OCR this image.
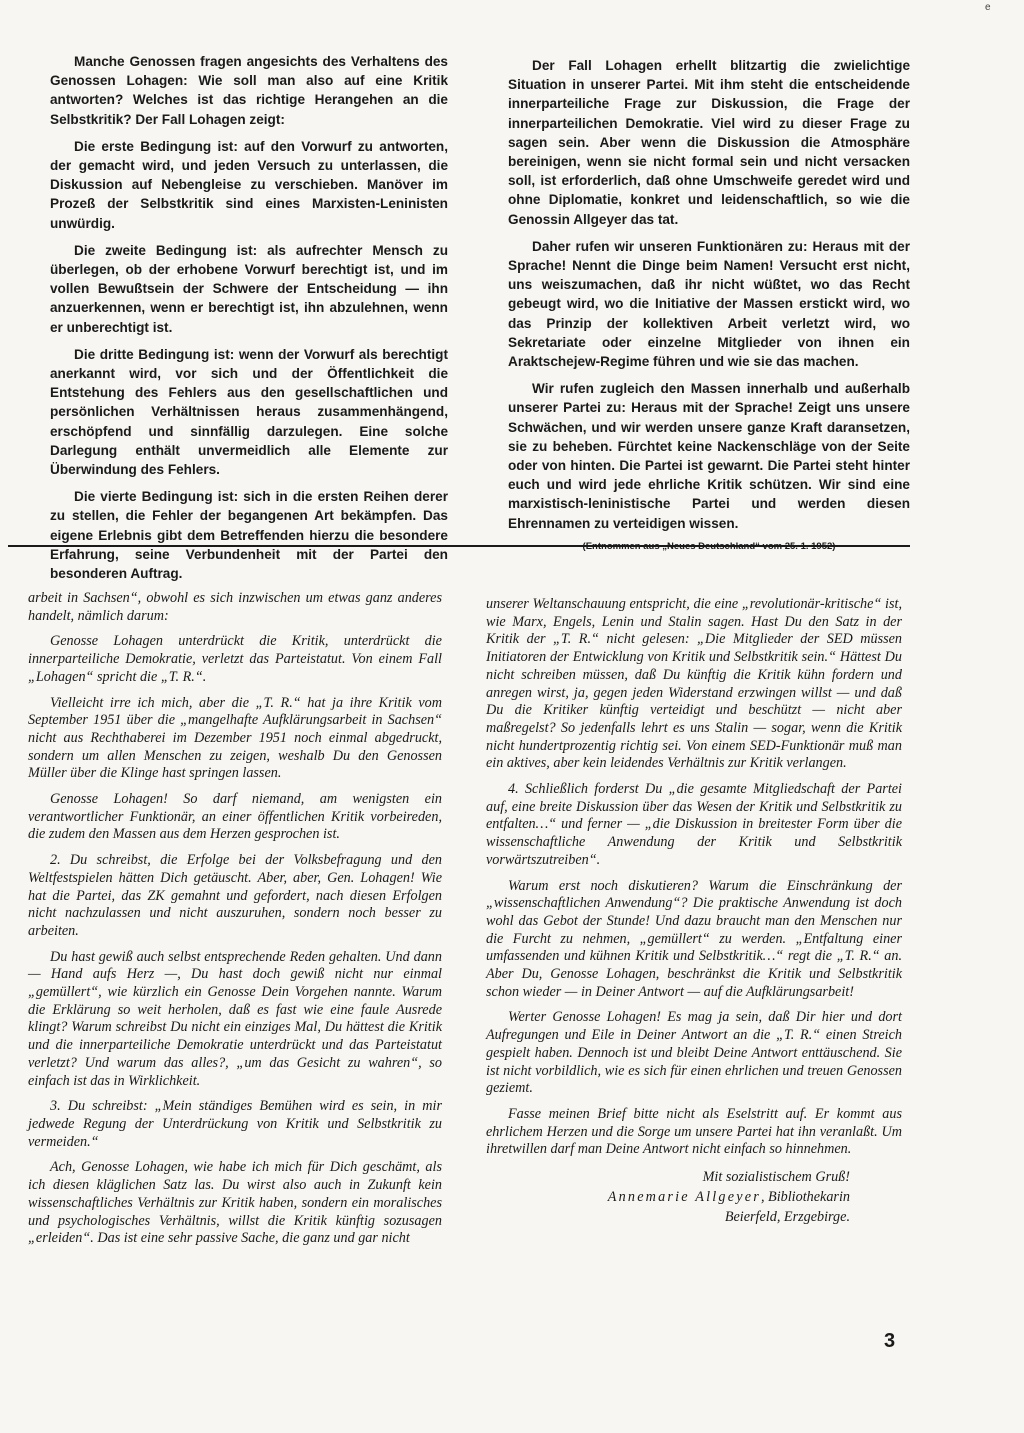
e

Manche Genossen fragen angesichts des Verhaltens des Genossen Lohagen: Wie soll man also auf eine Kritik antworten? Welches ist das richtige Herangehen an die Selbstkritik? Der Fall Lohagen zeigt:

Die erste Bedingung ist: auf den Vorwurf zu antworten, der gemacht wird, und jeden Versuch zu unterlassen, die Diskussion auf Nebengleise zu verschieben. Manöver im Prozeß der Selbstkritik sind eines Marxisten-Leninisten unwürdig.

Die zweite Bedingung ist: als aufrechter Mensch zu überlegen, ob der erhobene Vorwurf berechtigt ist, und im vollen Bewußtsein der Schwere der Entscheidung — ihn anzuerkennen, wenn er berechtigt ist, ihn abzulehnen, wenn er unberechtigt ist.

Die dritte Bedingung ist: wenn der Vorwurf als berechtigt anerkannt wird, vor sich und der Öffentlichkeit die Entstehung des Fehlers aus den gesellschaftlichen und persönlichen Verhältnissen heraus zusammenhängend, erschöpfend und sinnfällig darzulegen. Eine solche Darlegung enthält unvermeidlich alle Elemente zur Überwindung des Fehlers.

Die vierte Bedingung ist: sich in die ersten Reihen derer zu stellen, die Fehler der begangenen Art bekämpfen. Das eigene Erlebnis gibt dem Betreffenden hierzu die besondere Erfahrung, seine Verbundenheit mit der Partei den besonderen Auftrag.

Der Fall Lohagen erhellt blitzartig die zwielichtige Situation in unserer Partei. Mit ihm steht die entscheidende innerparteiliche Frage zur Diskussion, die Frage der innerparteilichen Demokratie. Viel wird zu dieser Frage zu sagen sein. Aber wenn die Diskussion die Atmosphäre bereinigen, wenn sie nicht formal sein und nicht versacken soll, ist erforderlich, daß ohne Umschweife geredet wird und ohne Diplomatie, konkret und leidenschaftlich, so wie die Genossin Allgeyer das tat.

Daher rufen wir unseren Funktionären zu: Heraus mit der Sprache! Nennt die Dinge beim Namen! Versucht erst nicht, uns weiszumachen, daß ihr nicht wüßtet, wo das Recht gebeugt wird, wo die Initiative der Massen erstickt wird, wo das Prinzip der kollektiven Arbeit verletzt wird, wo Sekretariate oder einzelne Mitglieder von ihnen ein Araktschejew-Regime führen und wie sie das machen.

Wir rufen zugleich den Massen innerhalb und außerhalb unserer Partei zu: Heraus mit der Sprache! Zeigt uns unsere Schwächen, und wir werden unsere ganze Kraft daransetzen, sie zu beheben. Fürchtet keine Nackenschläge von der Seite oder von hinten. Die Partei ist gewarnt. Die Partei steht hinter euch und wird jede ehrliche Kritik schützen. Wir sind eine marxistisch-leninistische Partei und werden diesen Ehrennamen zu verteidigen wissen.

arbeit in Sachsen“, obwohl es sich inzwischen um etwas ganz anderes handelt, nämlich darum:

Genosse Lohagen unterdrückt die Kritik, unterdrückt die innerparteiliche Demokratie, verletzt das Parteistatut. Von einem Fall „Lohagen“ spricht die „T. R.“.

Vielleicht irre ich mich, aber die „T. R.“ hat ja ihre Kritik vom September 1951 über die „mangelhafte Aufklärungsarbeit in Sachsen“ nicht aus Rechthaberei im Dezember 1951 noch einmal abgedruckt, sondern um allen Menschen zu zeigen, weshalb Du den Genossen Müller über die Klinge hast springen lassen.

Genosse Lohagen! So darf niemand, am wenigsten ein verantwortlicher Funktionär, an einer öffentlichen Kritik vorbeireden, die zudem den Massen aus dem Herzen gesprochen ist.

2. Du schreibst, die Erfolge bei der Volksbefragung und den Weltfestspielen hätten Dich getäuscht. Aber, aber, Gen. Lohagen! Wie hat die Partei, das ZK gemahnt und gefordert, nach diesen Erfolgen nicht nachzulassen und nicht auszuruhen, sondern noch besser zu arbeiten.

Du hast gewiß auch selbst entsprechende Reden gehalten. Und dann — Hand aufs Herz —, Du hast doch gewiß nicht nur einmal „gemüllert“, wie kürzlich ein Genosse Dein Vorgehen nannte. Warum die Erklärung so weit herholen, daß es fast wie eine faule Ausrede klingt? Warum schreibst Du nicht ein einziges Mal, Du hättest die Kritik und die innerparteiliche Demokratie unterdrückt und das Parteistatut verletzt? Und warum das alles?, „um das Gesicht zu wahren“, so einfach ist das in Wirklichkeit.

3. Du schreibst: „Mein ständiges Bemühen wird es sein, in mir jedwede Regung der Unterdrückung von Kritik und Selbstkritik zu vermeiden.“

Ach, Genosse Lohagen, wie habe ich mich für Dich geschämt, als ich diesen kläglichen Satz las. Du wirst also auch in Zukunft kein wissenschaftliches Verhältnis zur Kritik haben, sondern ein moralisches und psychologisches Verhältnis, willst die Kritik künftig sozusagen „erleiden“. Das ist eine sehr passive Sache, die ganz und gar nicht

unserer Weltanschauung entspricht, die eine „revolutionär-kritische“ ist, wie Marx, Engels, Lenin und Stalin sagen. Hast Du den Satz in der Kritik der „T. R.“ nicht gelesen: „Die Mitglieder der SED müssen Initiatoren der Entwicklung von Kritik und Selbstkritik sein.“ Hättest Du nicht schreiben müssen, daß Du künftig die Kritik kühn fordern und anregen wirst, ja, gegen jeden Widerstand erzwingen willst — und daß Du die Kritiker künftig verteidigt und beschützt — nicht aber maßregelst? So jedenfalls lehrt es uns Stalin — sogar, wenn die Kritik nicht hundertprozentig richtig sei. Von einem SED-Funktionär muß man ein aktives, aber kein leidendes Verhältnis zur Kritik verlangen.

4. Schließlich forderst Du „die gesamte Mitgliedschaft der Partei auf, eine breite Diskussion über das Wesen der Kritik und Selbstkritik zu entfalten…“ und ferner — „die Diskussion in breitester Form über die wissenschaftliche Anwendung der Kritik und Selbstkritik vorwärtszutreiben“.

Warum erst noch diskutieren? Warum die Einschränkung der „wissenschaftlichen Anwendung“? Die praktische Anwendung ist doch wohl das Gebot der Stunde! Und dazu braucht man den Menschen nur die Furcht zu nehmen, „gemüllert“ zu werden. „Entfaltung einer umfassenden und kühnen Kritik und Selbstkritik…“ regt die „T. R.“ an. Aber Du, Genosse Lohagen, beschränkst die Kritik und Selbstkritik schon wieder — in Deiner Antwort — auf die Aufklärungsarbeit!

Werter Genosse Lohagen! Es mag ja sein, daß Dir hier und dort Aufregungen und Eile in Deiner Antwort an die „T. R.“ einen Streich gespielt haben. Dennoch ist und bleibt Deine Antwort enttäuschend. Sie ist nicht vorbildlich, wie es sich für einen ehrlichen und treuen Genossen geziemt.

Fasse meinen Brief bitte nicht als Eselstritt auf. Er kommt aus ehrlichem Herzen und die Sorge um unsere Partei hat ihn veranlaßt. Um ihretwillen darf man Deine Antwort nicht einfach so hinnehmen.

Mit sozialistischem Gruß!
Annemarie Allgeyer, Bibliothekarin
Beierfeld, Erzgebirge.
3
